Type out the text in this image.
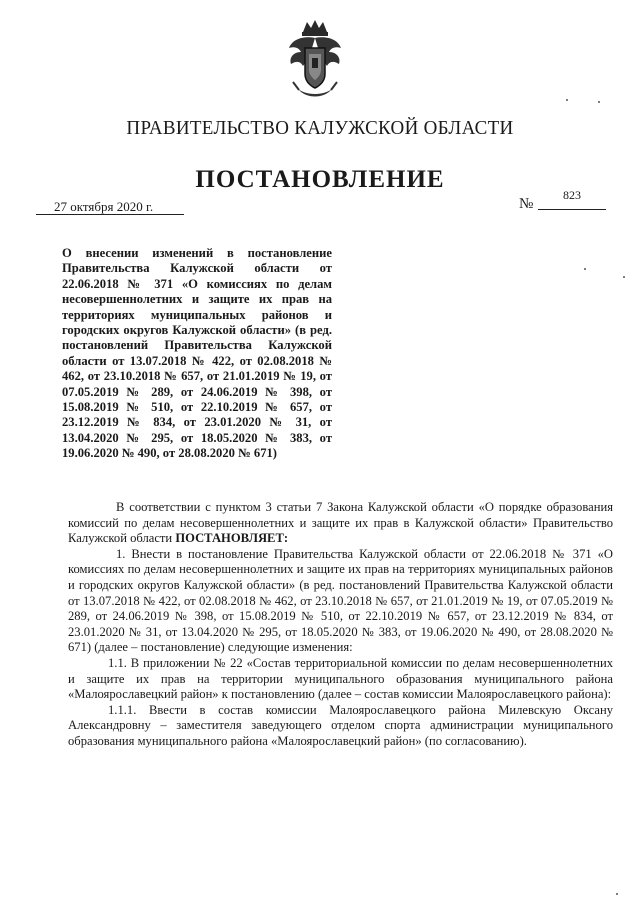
ПРАВИТЕЛЬСТВО КАЛУЖСКОЙ ОБЛАСТИ
ПОСТАНОВЛЕНИЕ
27 октября 2020 г.	№
823
О внесении изменений в постановление Правительства Калужской области от 22.06.2018 № 371 «О комиссиях по делам несовершеннолетних и защите их прав на территориях муниципальных районов и городских округов Калужской области» (в ред. постановлений Правительства Калужской области от 13.07.2018 № 422, от 02.08.2018 № 462, от 23.10.2018 № 657, от 21.01.2019 № 19, от 07.05.2019 № 289, от 24.06.2019 № 398, от 15.08.2019 № 510, от 22.10.2019 № 657, от 23.12.2019 № 834, от 23.01.2020 № 31, от 13.04.2020 № 295, от 18.05.2020 № 383, от 19.06.2020 № 490, от 28.08.2020 № 671)

В соответствии с пунктом 3 статьи 7 Закона Калужской области «О порядке образования комиссий по делам несовершеннолетних и защите их прав в Калужской области» Правительство Калужской области ПОСТАНОВЛЯЕТ:

1. Внести в постановление Правительства Калужской области от 22.06.2018 № 371 «О комиссиях по делам несовершеннолетних и защите их прав на территориях муниципальных районов и городских округов Калужской области» (в ред. постановлений Правительства Калужской области от 13.07.2018 № 422, от 02.08.2018 № 462, от 23.10.2018 № 657, от 21.01.2019 № 19, от 07.05.2019 № 289, от 24.06.2019 № 398, от 15.08.2019 № 510, от 22.10.2019 № 657, от 23.12.2019 № 834, от 23.01.2020 № 31, от 13.04.2020 № 295, от 18.05.2020 № 383, от 19.06.2020 № 490, от 28.08.2020 № 671) (далее – постановление) следующие изменения:

1.1. В приложении № 22 «Состав территориальной комиссии по делам несовершеннолетних и защите их прав на территории муниципального образования муниципального района «Малоярославецкий район» к постановлению (далее – состав комиссии Малоярославецкого района):

1.1.1. Ввести в состав комиссии Малоярославецкого района Милевскую Оксану Александровну – заместителя заведующего отделом спорта администрации муниципального образования муниципального района «Малоярославецкий район» (по согласованию).
